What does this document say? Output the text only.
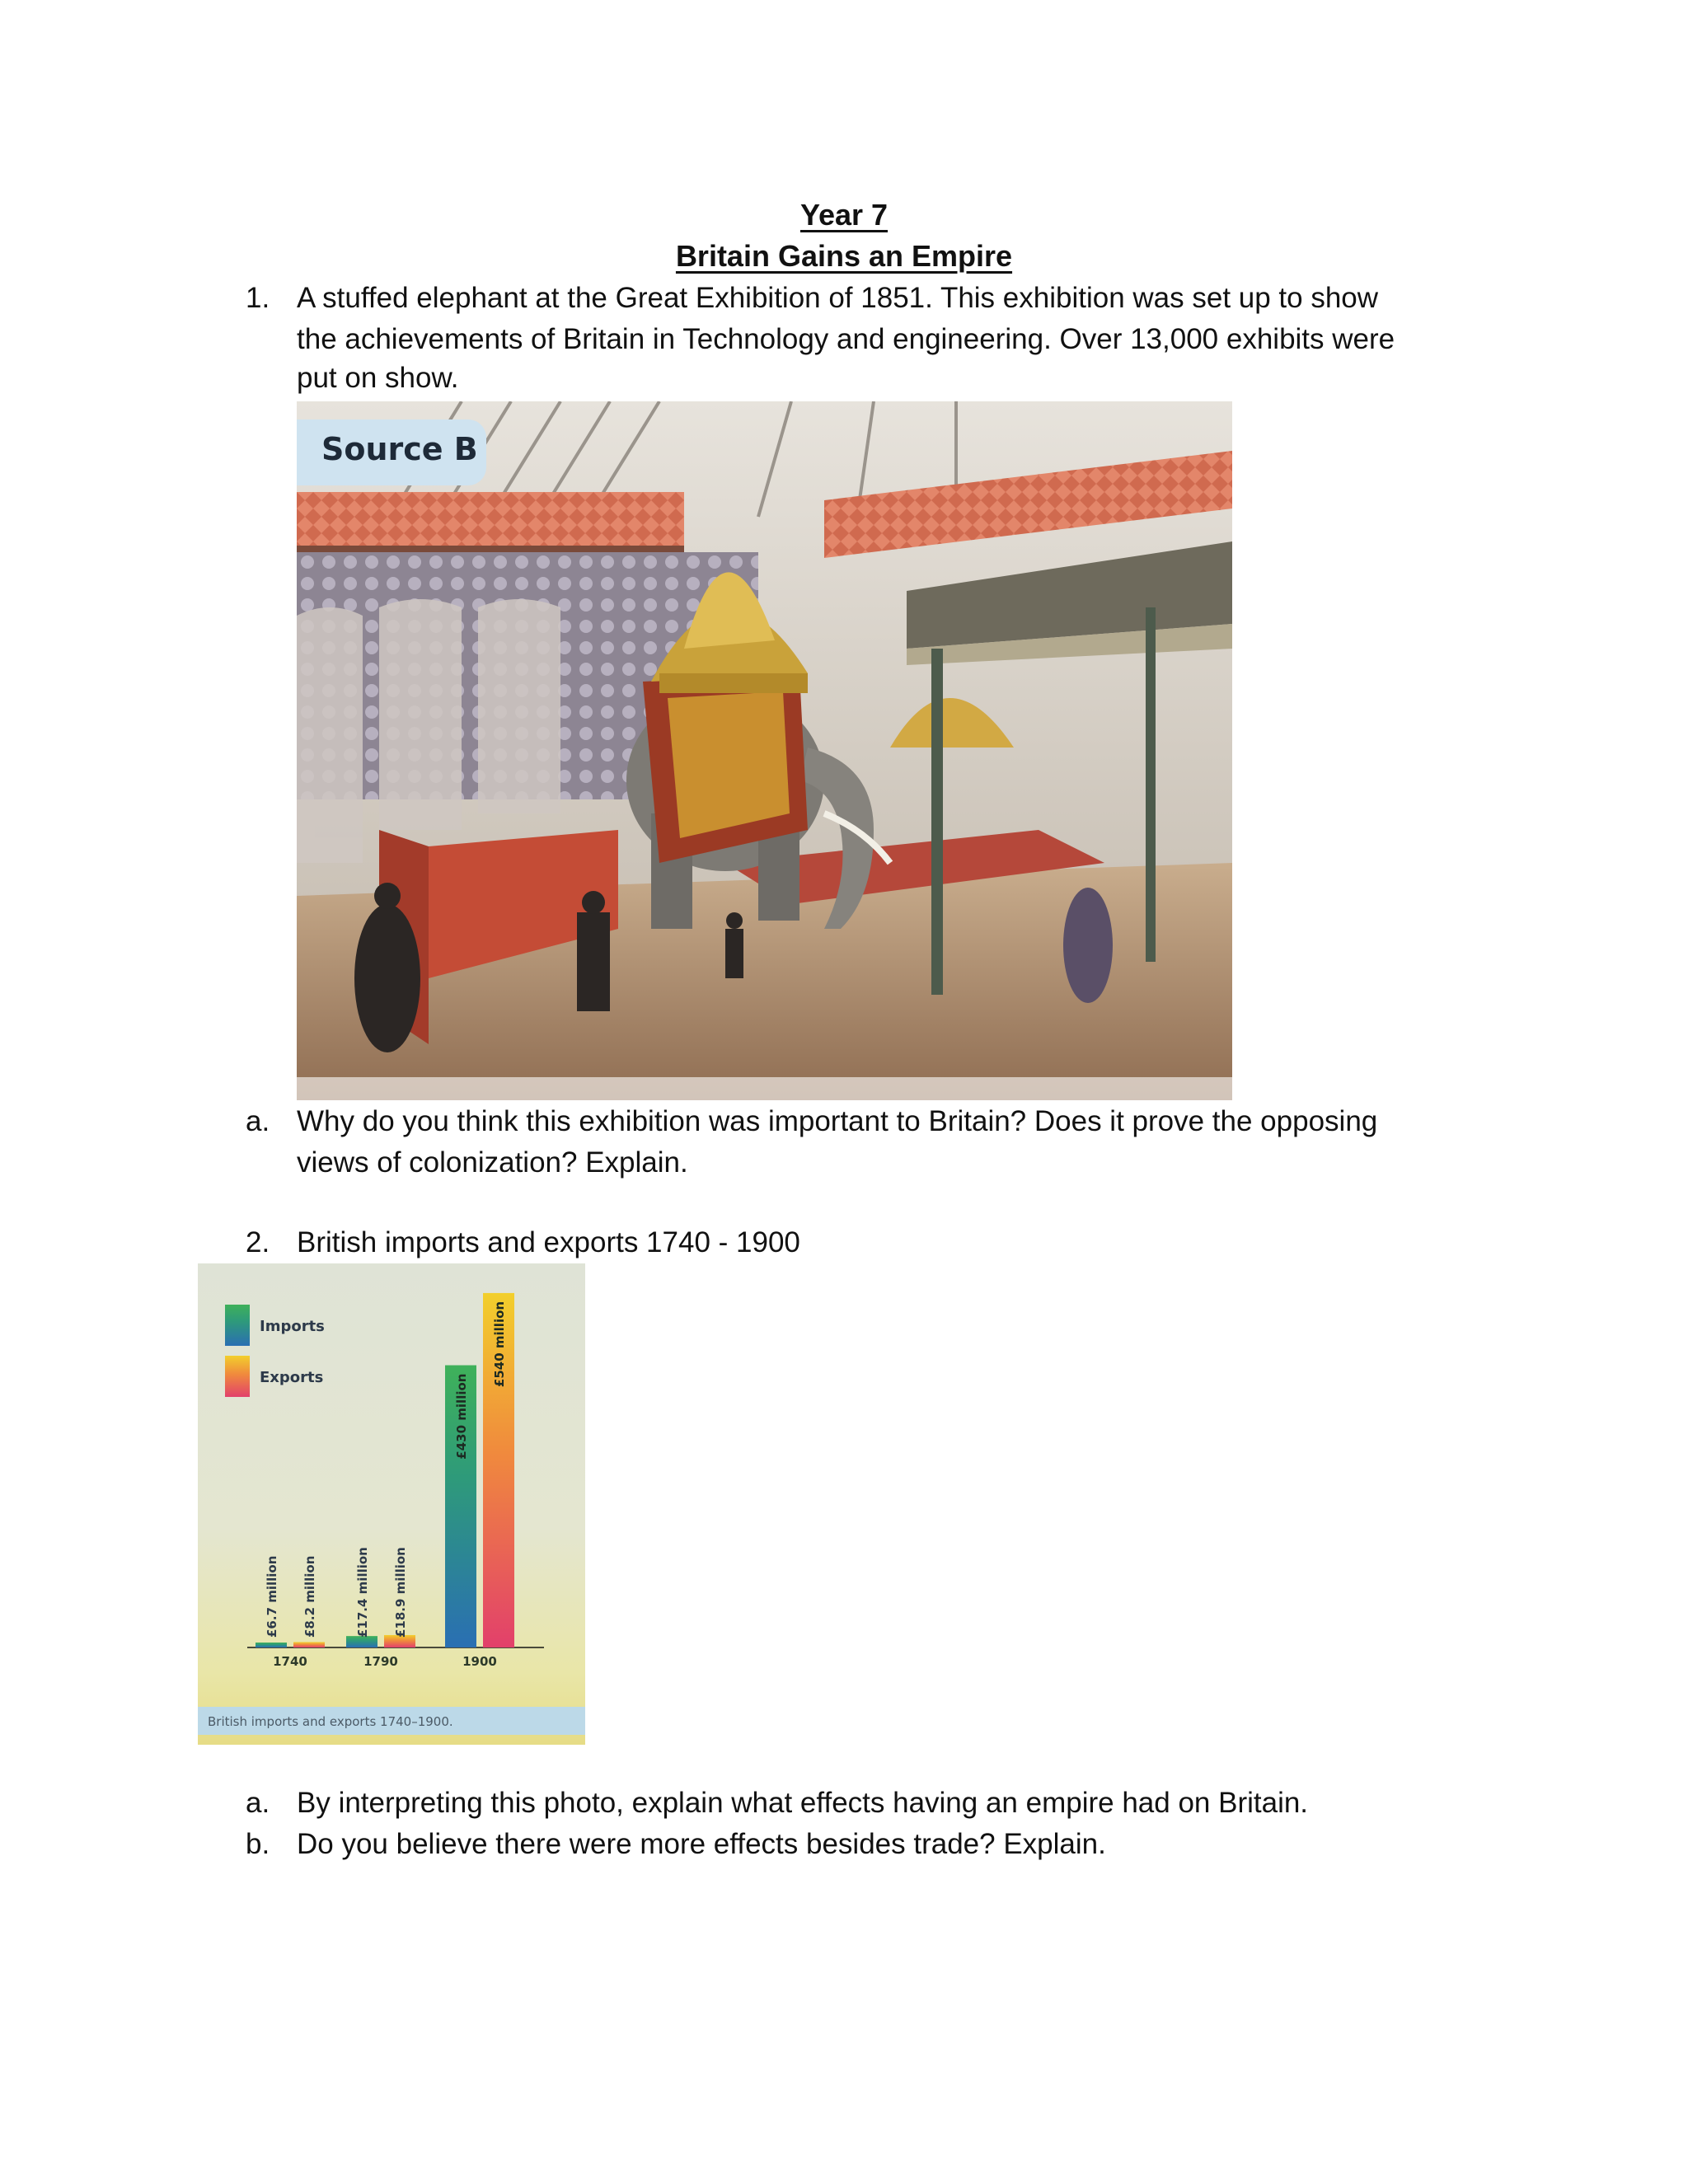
Year 7
Britain Gains an Empire
1. A stuffed elephant at the Great Exhibition of 1851. This exhibition was set up to show
the achievements of Britain in Technology and engineering. Over 13,000 exhibits were
put on show.
Source B
a. Why do you think this exhibition was important to Britain? Does it prove the opposing
views of colonization? Explain.
2. British imports and exports 1740 - 1900
Imports
Exports
£6.7 million £8.2 million	£17.4 million £18.9 million
£430 million
£540 million
1740	1790	1900
British imports and exports 1740–1900.
a. By interpreting this photo, explain what effects having an empire had on Britain.
b. Do you believe there were more effects besides trade? Explain.
